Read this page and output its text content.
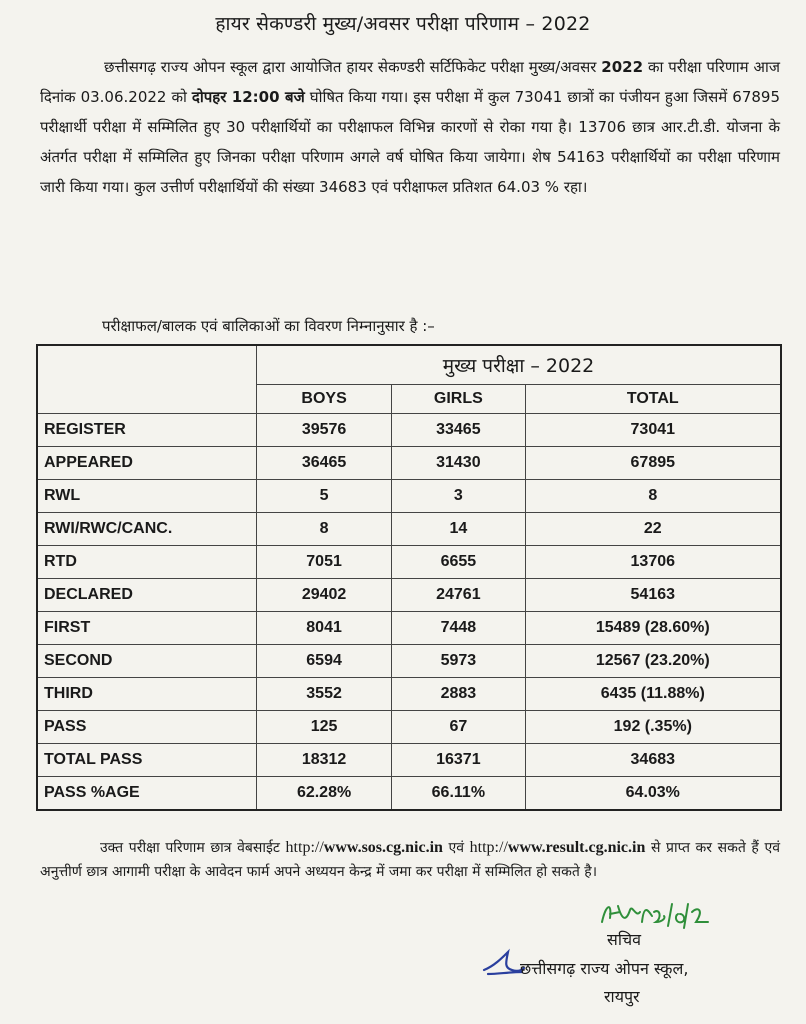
हायर सेकण्डरी मुख्य/अवसर परीक्षा परिणाम – 2022
छत्तीसगढ़ राज्य ओपन स्कूल द्वारा आयोजित हायर सेकण्डरी सर्टिफिकेट परीक्षा मुख्य/अवसर 2022 का परीक्षा परिणाम आज दिनांक 03.06.2022 को दोपहर 12:00 बजे घोषित किया गया। इस परीक्षा में कुल 73041 छात्रों का पंजीयन हुआ जिसमें 67895 परीक्षार्थी परीक्षा में सम्मिलित हुए 30 परीक्षार्थियों का परीक्षाफल विभिन्न कारणों से रोका गया है। 13706 छात्र आर.टी.डी. योजना के अंतर्गत परीक्षा में सम्मिलित हुए जिनका परीक्षा परिणाम अगले वर्ष घोषित किया जायेगा। शेष 54163 परीक्षार्थियों का परीक्षा परिणाम जारी किया गया। कुल उत्तीर्ण परीक्षार्थियों की संख्या 34683 एवं परीक्षाफल प्रतिशत 64.03 % रहा।
परीक्षाफल/बालक एवं बालिकाओं का विवरण निम्नानुसार है :–
	मुख्य परीक्षा – 2022		
	BOYS	GIRLS	TOTAL
REGISTER	39576	33465	73041
APPEARED	36465	31430	67895
RWL	5	3	8
RWI/RWC/CANC.	8	14	22
RTD	7051	6655	13706
DECLARED	29402	24761	54163
FIRST	8041	7448	15489 (28.60%)
SECOND	6594	5973	12567 (23.20%)
THIRD	3552	2883	6435 (11.88%)
PASS	125	67	192 (.35%)
TOTAL PASS	18312	16371	34683
PASS %AGE	62.28%	66.11%	64.03%
उक्त परीक्षा परिणाम छात्र वेबसाईट http://www.sos.cg.nic.in एवं http://www.result.cg.nic.in से प्राप्त कर सकते हैं एवं अनुत्तीर्ण छात्र आगामी परीक्षा के आवेदन फार्म अपने अध्ययन केन्द्र में जमा कर परीक्षा में सम्मिलित हो सकते है।
सचिव
छत्तीसगढ़ राज्य ओपन स्कूल,
रायपुर
